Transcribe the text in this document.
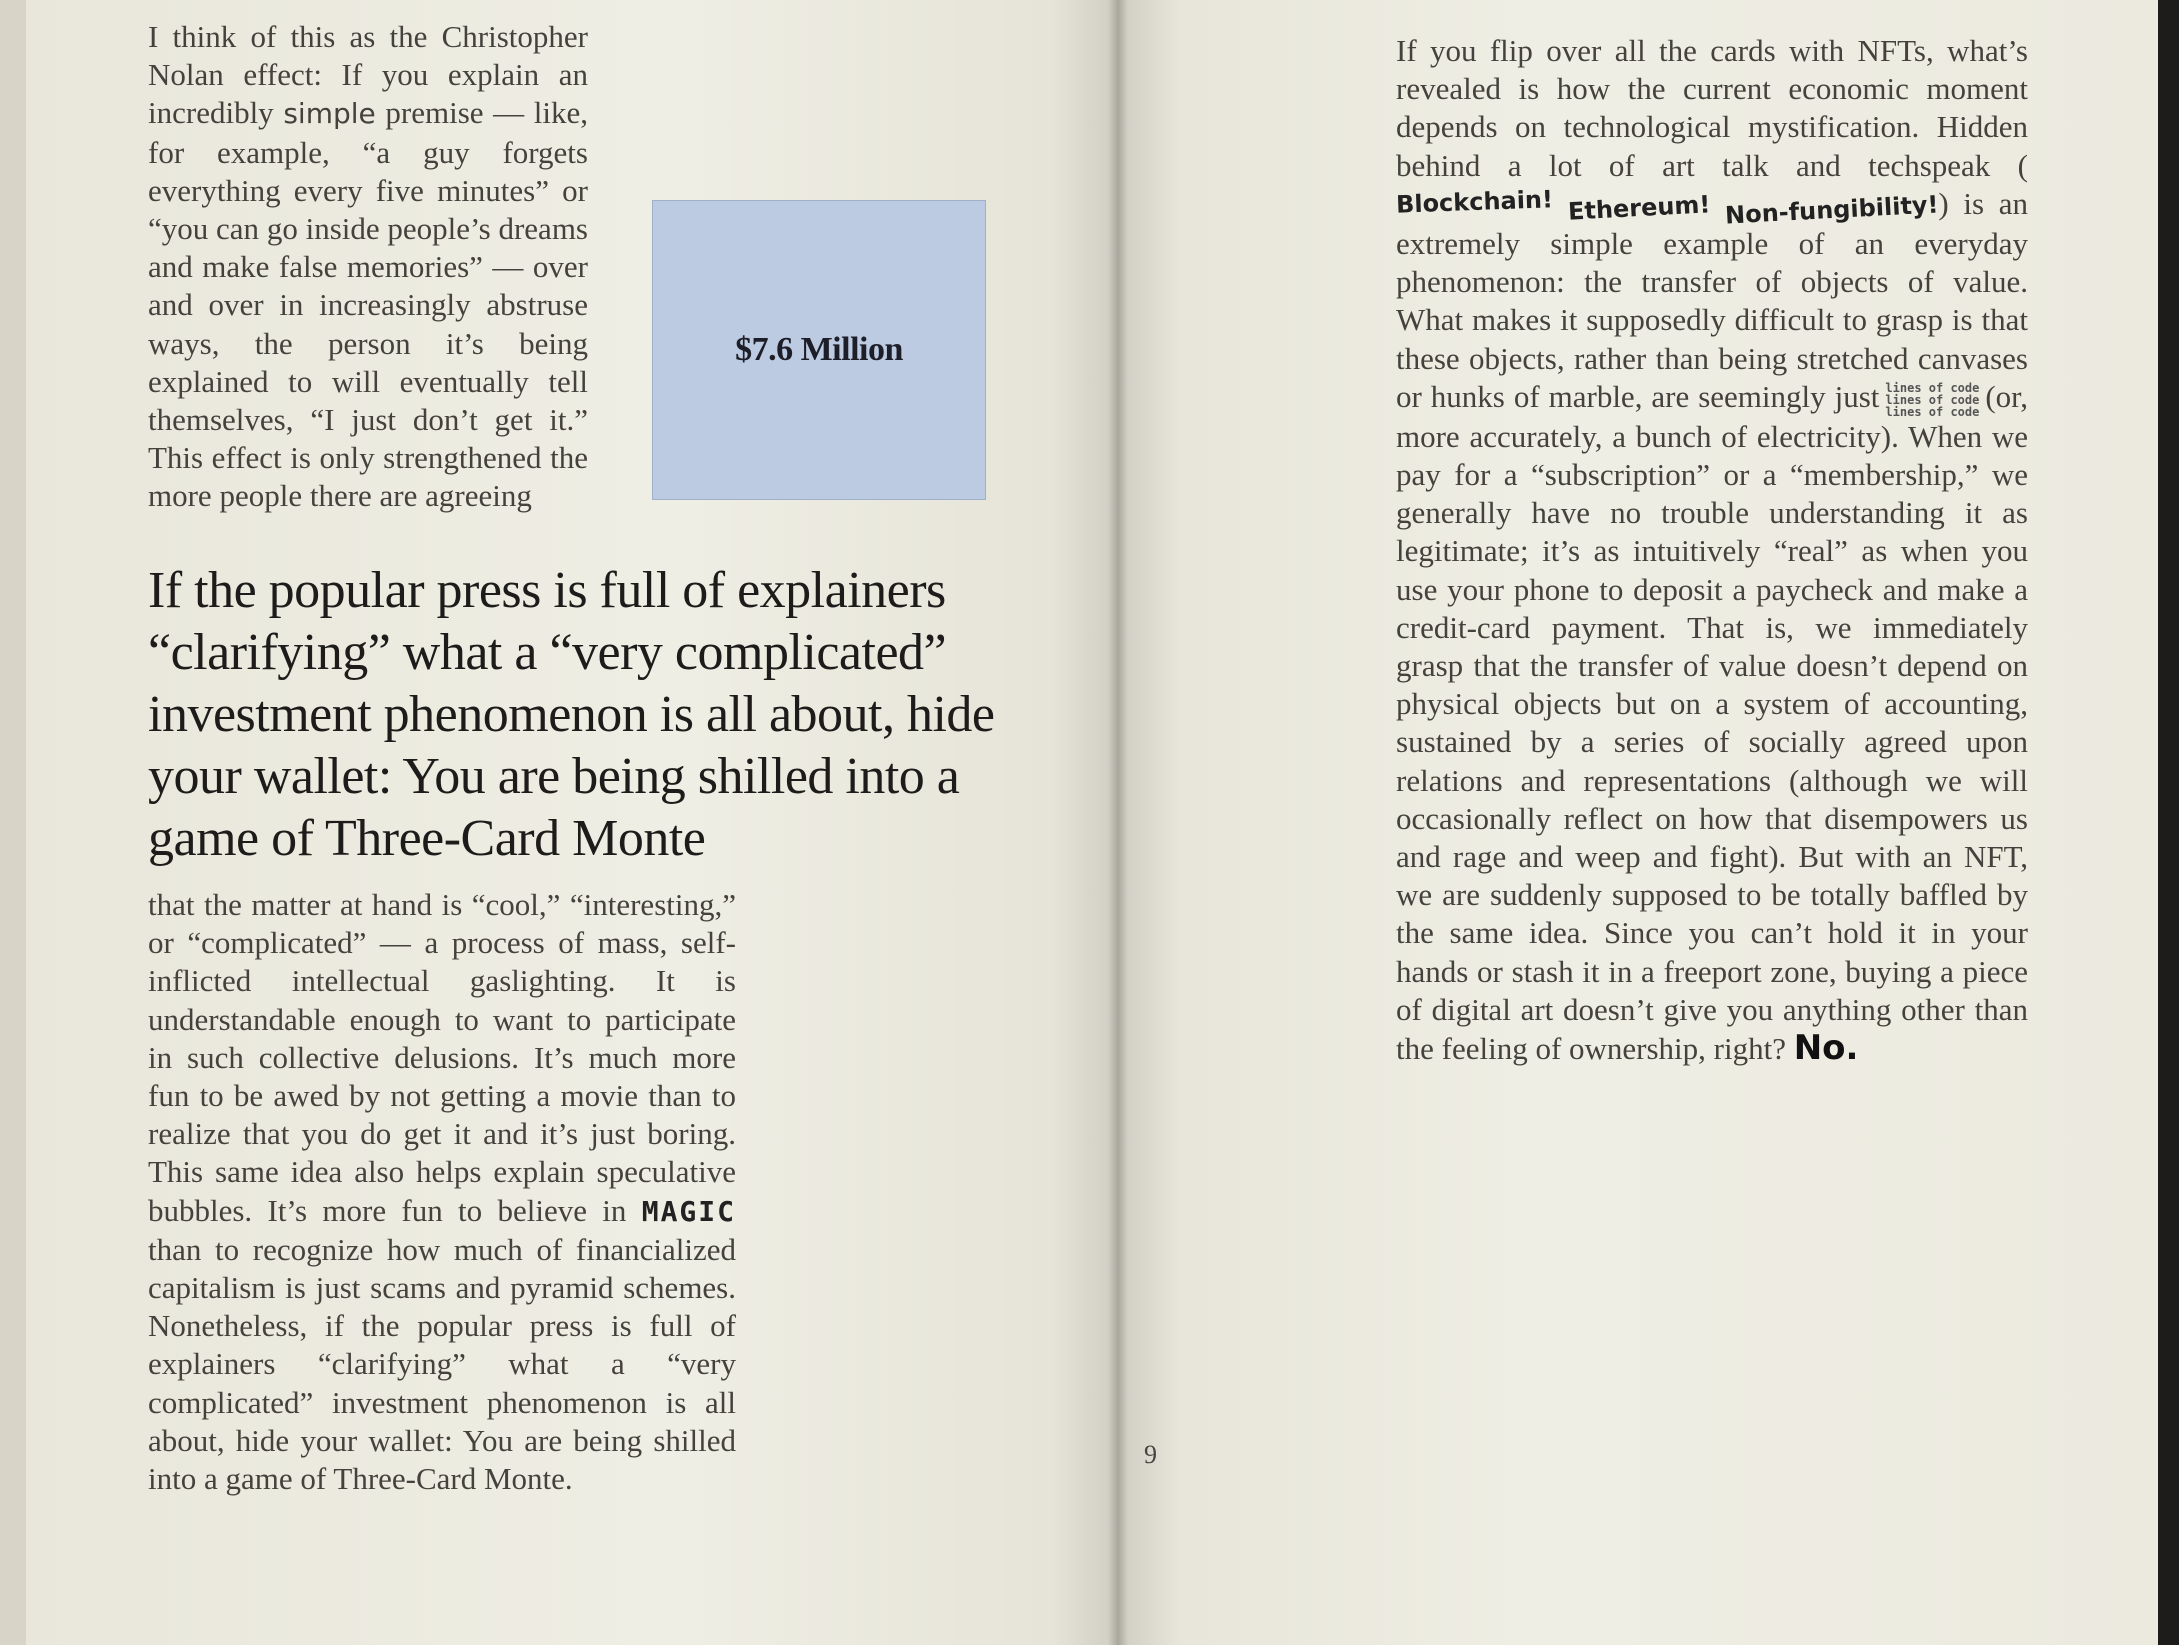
I think of this as the Christopher Nolan effect: If you explain an incredibly simple premise — like, for example, “a guy forgets everything every five minutes” or “you can go inside people’s dreams and make false memories” — over and over in increasingly abstruse ways, the person it’s being explained to will eventually tell themselves, “I just don’t get it.” This effect is only strengthened the more people there are agreeing

$7.6 Million

If the popular press is full of explainers “clarifying” what a “very complicated” investment phenomenon is all about, hide your wallet: You are being shilled into a game of Three-Card Monte

that the matter at hand is “cool,” “interesting,” or “complicated” — a process of mass, self-inflicted intellectual gaslighting. It is understandable enough to want to participate in such collective delusions. It’s much more fun to be awed by not getting a movie than to realize that you do get it and it’s just boring. This same idea also helps explain speculative bubbles. It’s more fun to believe in MAGIC than to recognize how much of financialized capitalism is just scams and pyramid schemes. Nonetheless, if the popular press is full of explainers “clarifying” what a “very complicated” investment phenomenon is all about, hide your wallet: You are being shilled into a game of Three-Card Monte.

9

If you flip over all the cards with NFTs, what’s revealed is how the current economic moment depends on technological mystification. Hidden behind a lot of art talk and techspeak (Blockchain! Ethereum! Non-fungibility!) is an extremely simple example of an everyday phenomenon: the transfer of objects of value. What makes it supposedly difficult to grasp is that these objects, rather than being stretched canvases or hunks of marble, are seemingly just lines of code
lines of code
lines of code (or, more accurately, a bunch of electricity). When we pay for a “subscription” or a “membership,” we generally have no trouble understanding it as legitimate; it’s as intuitively “real” as when you use your phone to deposit a paycheck and make a credit-card payment. That is, we immediately grasp that the transfer of value doesn’t depend on physical objects but on a system of accounting, sustained by a series of socially agreed upon relations and representations (although we will occasionally reflect on how that disempowers us and rage and weep and fight). But with an NFT, we are suddenly supposed to be totally baffled by the same idea. Since you can’t hold it in your hands or stash it in a freeport zone, buying a piece of digital art doesn’t give you anything other than the feeling of ownership, right? No.
